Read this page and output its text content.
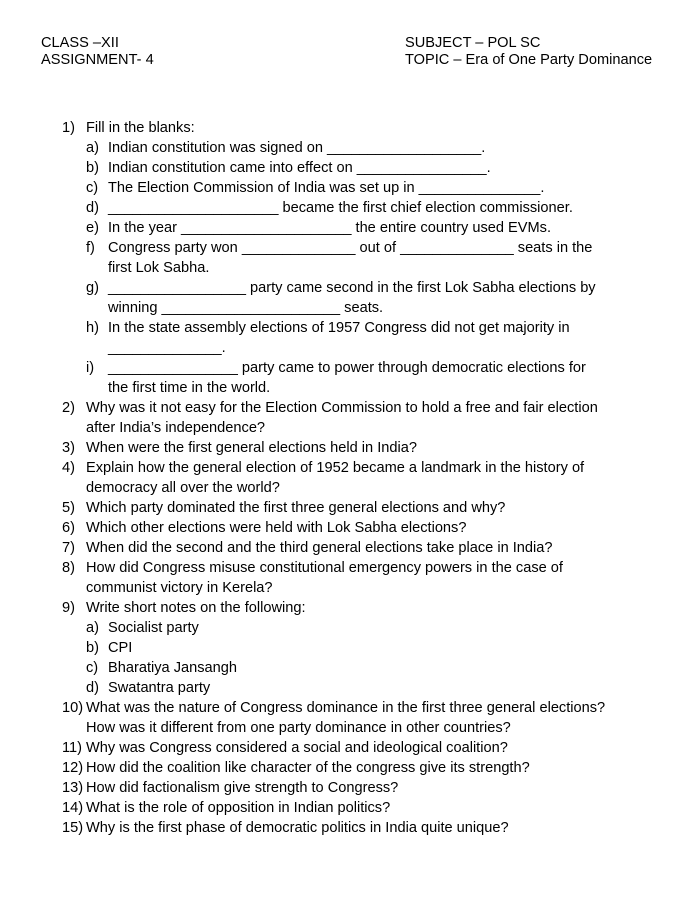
CLASS –XII
ASSIGNMENT- 4
SUBJECT – POL SC
TOPIC – Era of One Party Dominance
1) Fill in the blanks:
a) Indian constitution was signed on ___________________.
b) Indian constitution came into effect on ________________.
c) The Election Commission of India was set up in _______________.
d) _____________________ became the first chief election commissioner.
e) In the year _____________________ the entire country used EVMs.
f) Congress party won ______________ out of ______________ seats in the first Lok Sabha.
g) _________________ party came second in the first Lok Sabha elections by winning ______________________ seats.
h) In the state assembly elections of 1957 Congress did not get majority in ______________.
i) ________________ party came to power through democratic elections for the first time in the world.
2) Why was it not easy for the Election Commission to hold a free and fair election after India’s independence?
3) When were the first general elections held in India?
4) Explain how the general election of 1952 became a landmark in the history of democracy all over the world?
5) Which party dominated the first three general elections and why?
6) Which other elections were held with Lok Sabha elections?
7) When did the second and the third general elections take place in India?
8) How did Congress misuse constitutional emergency powers in the case of communist victory in Kerela?
9) Write short notes on the following:
a) Socialist party
b) CPI
c) Bharatiya Jansangh
d) Swatantra party
10) What was the nature of Congress dominance in the first three general elections? How was it different from one party dominance in other countries?
11) Why was Congress considered a social and ideological coalition?
12) How did the coalition like character of the congress give its strength?
13) How did factionalism give strength to Congress?
14) What is the role of opposition in Indian politics?
15) Why is the first phase of democratic politics in India quite unique?
